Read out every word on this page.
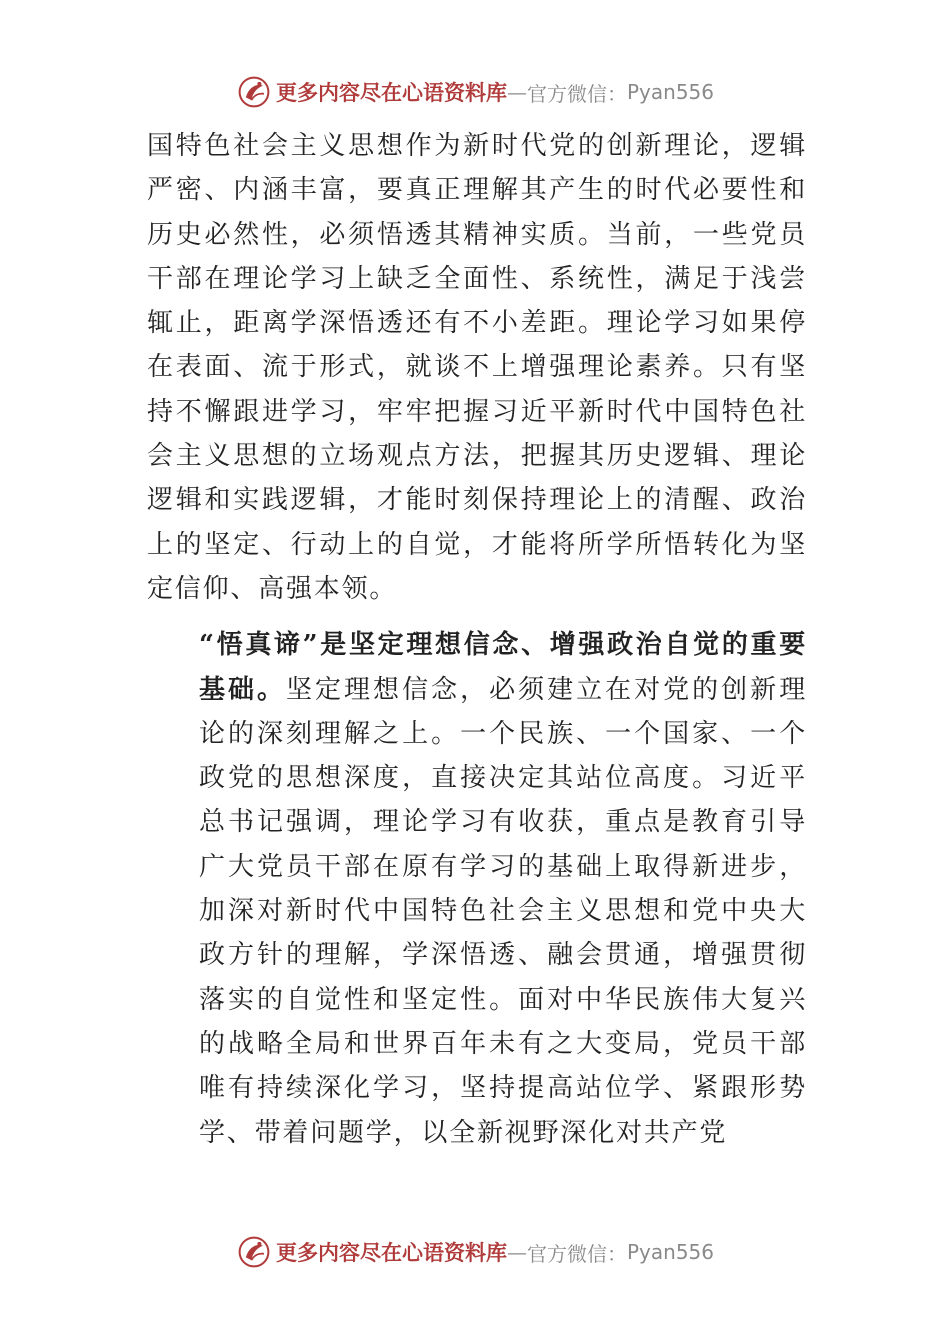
更多内容尽在心语资料库 — 官方微信： Pyan556

国特色社会主义思想作为新时代党的创新理论，逻辑严密、内涵丰富，要真正理解其产生的时代必要性和历史必然性，必须悟透其精神实质。当前，一些党员干部在理论学习上缺乏全面性、系统性，满足于浅尝辄止，距离学深悟透还有不小差距。理论学习如果停在表面、流于形式，就谈不上增强理论素养。只有坚持不懈跟进学习，牢牢把握习近平新时代中国特色社会主义思想的立场观点方法，把握其历史逻辑、理论逻辑和实践逻辑，才能时刻保持理论上的清醒、政治上的坚定、行动上的自觉，才能将所学所悟转化为坚定信仰、高强本领。

“悟真谛”是坚定理想信念、增强政治自觉的重要基础。坚定理想信念，必须建立在对党的创新理论的深刻理解之上。一个民族、一个国家、一个政党的思想深度，直接决定其站位高度。习近平总书记强调，理论学习有收获，重点是教育引导广大党员干部在原有学习的基础上取得新进步，加深对新时代中国特色社会主义思想和党中央大政方针的理解，学深悟透、融会贯通，增强贯彻落实的自觉性和坚定性。面对中华民族伟大复兴的战略全局和世界百年未有之大变局，党员干部唯有持续深化学习，坚持提高站位学、紧跟形势学、带着问题学，以全新视野深化对共产党

更多内容尽在心语资料库 — 官方微信： Pyan556
